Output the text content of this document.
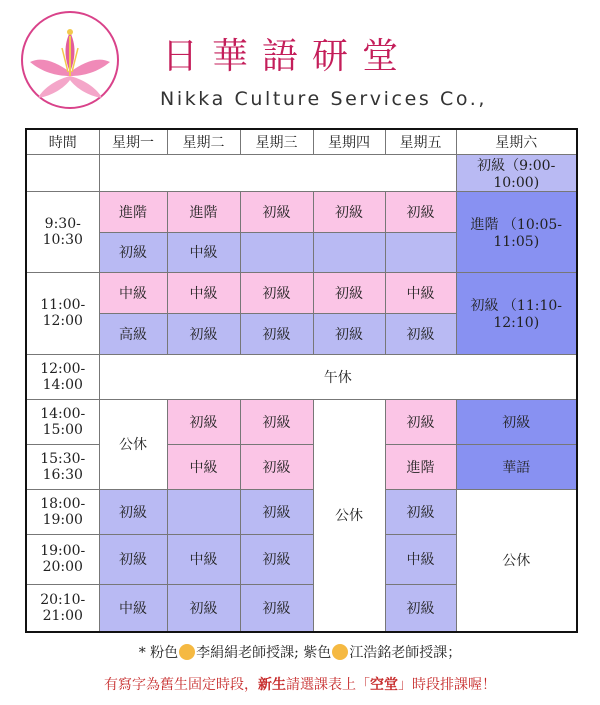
日華語研堂
Nikka Culture Services Co.,
時間	星期一	星期二	星期三	星期四	星期五	星期六
						初級（9:00-10:00)
9:30-10:30	進階	進階	初級	初級	初級	進階 （10:05-11:05)
	初級	中級				
11:00-12:00	中級	中級	初級	初級	中級	初級 （11:10-12:10)
	高級	初級	初級	初級	初級	
12:00-14:00	午休					
14:00-15:00	公休	初級	初級	公休	初級	初級
15:30-16:30		中級	初級		進階	華語
18:00-19:00	初級		初級		初級	公休
19:00-20:00	初級	中級	初級		中級	
20:10-21:00	中級	初級	初級		初級	
* 粉色 李絹絹老師授課; 紫色 江浩銘老師授課；
有寫字為舊生固定時段，新生請選課表上「空堂」時段排課喔！
